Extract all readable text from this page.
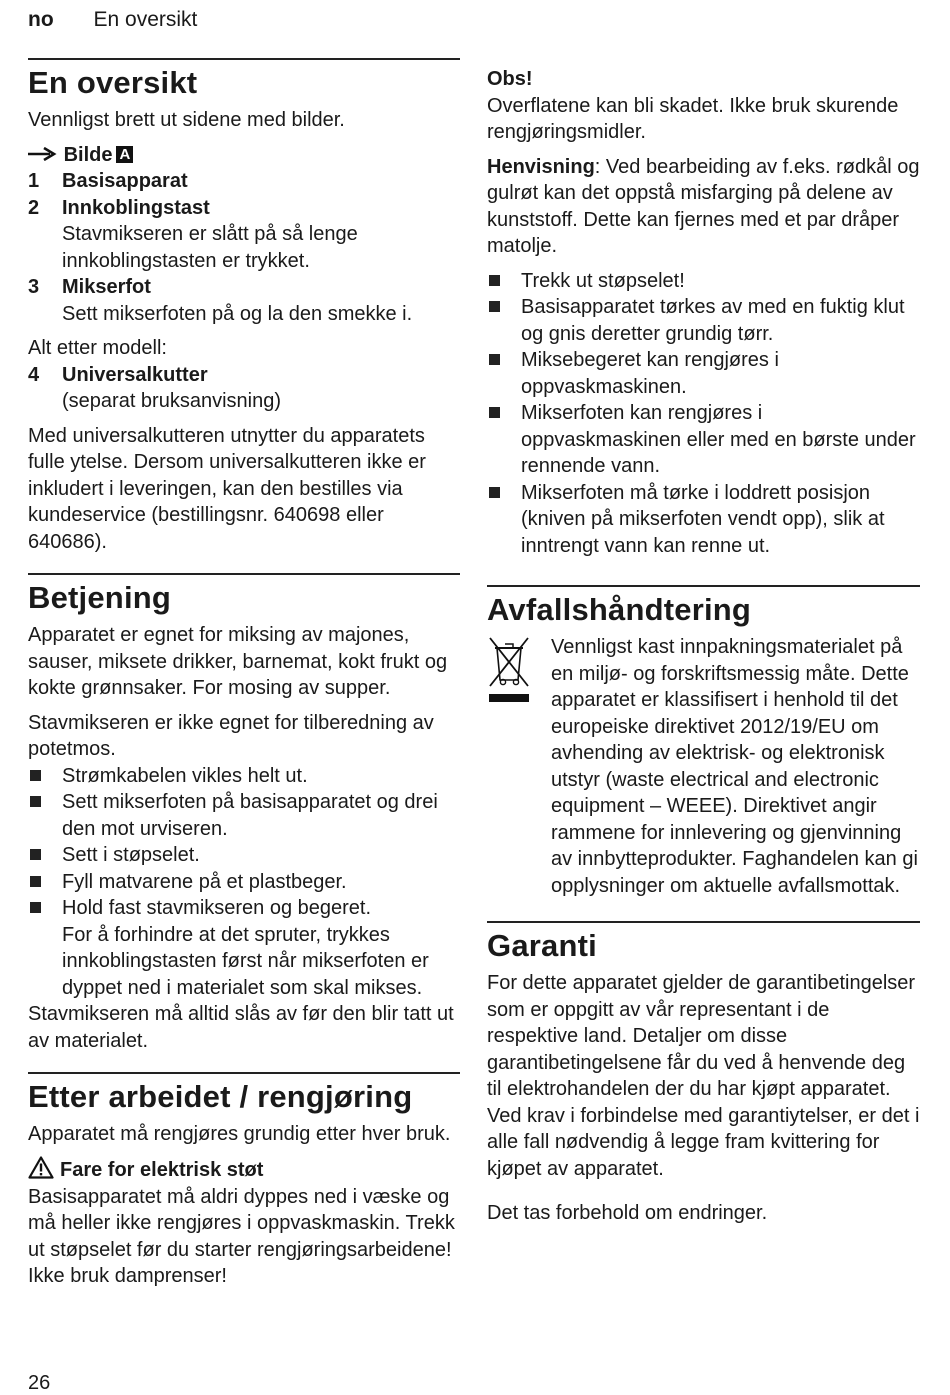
no En oversikt
En oversikt

Vennligst brett ut sidene med bilder.

Bilde A
1	Basisapparat
2	Innkoblingstast
Stavmikseren er slått på så lenge innkoblingstasten er trykket.
3	Mikserfot
Sett mikserfoten på og la den smekke i.
Alt etter modell:
4	Universalkutter
(separat bruksanvisning)

Med universalkutteren utnytter du apparatets fulle ytelse. Dersom universalkutteren ikke er inkludert i leveringen, kan den bestilles via kundeservice (bestillingsnr. 640698 eller 640686).

Betjening

Apparatet er egnet for miksing av majones, sauser, miksete drikker, barnemat, kokt frukt og kokte grønnsaker. For mosing av supper.

Stavmikseren er ikke egnet for tilberedning av potetmos.
Strømkabelen vikles helt ut.
Sett mikserfoten på basisapparatet og drei den mot urviseren.
Sett i støpselet.
Fyll matvarene på et plastbeger.
Hold fast stavmikseren og begeret.
For å forhindre at det spruter, trykkes innkoblingstasten først når mikserfoten er dyppet ned i materialet som skal mikses.

Stavmikseren må alltid slås av før den blir tatt ut av materialet.

Etter arbeidet / rengjøring

Apparatet må rengjøres grundig etter hver bruk.

Fare for elektrisk støt

Basisapparatet må aldri dyppes ned i væske og må heller ikke rengjøres i oppvaskmaskin. Trekk ut støpselet før du starter rengjøringsarbeidene! Ikke bruk damprenser!

Obs!

Overflatene kan bli skadet. Ikke bruk skurende rengjøringsmidler.

Henvisning: Ved bearbeiding av f.eks. rødkål og gulrøt kan det oppstå misfarging på delene av kunststoff. Dette kan fjernes med et par dråper matolje.

Trekk ut støpselet!
Basisapparatet tørkes av med en fuktig klut og gnis deretter grundig tørr.
Miksebegeret kan rengjøres i oppvaskmaskinen.
Mikserfoten kan rengjøres i oppvaskmaskinen eller med en børste under rennende vann.
Mikserfoten må tørke i loddrett posisjon (kniven på mikserfoten vendt opp), slik at inntrengt vann kan renne ut.
Avfallshåndtering

Vennligst kast innpakningsmaterialet på en miljø- og forskriftsmessig måte. Dette apparatet er klassifisert i henhold til det europeiske direktivet 2012/19/EU om avhending av elektrisk- og elektronisk utstyr (waste electrical and electronic equipment – WEEE). Direktivet angir rammene for innlevering og gjenvinning av innbytteprodukter. Faghandelen kan gi opplysninger om aktuelle avfallsmottak.

Garanti

For dette apparatet gjelder de garantibetingelser som er oppgitt av vår representant i de respektive land. Detaljer om disse garantibetingelsene får du ved å henvende deg til elektrohandelen der du har kjøpt apparatet. Ved krav i forbindelse med garantiytelser, er det i alle fall nødvendig å legge fram kvittering for kjøpet av apparatet.

Det tas forbehold om endringer.

26
